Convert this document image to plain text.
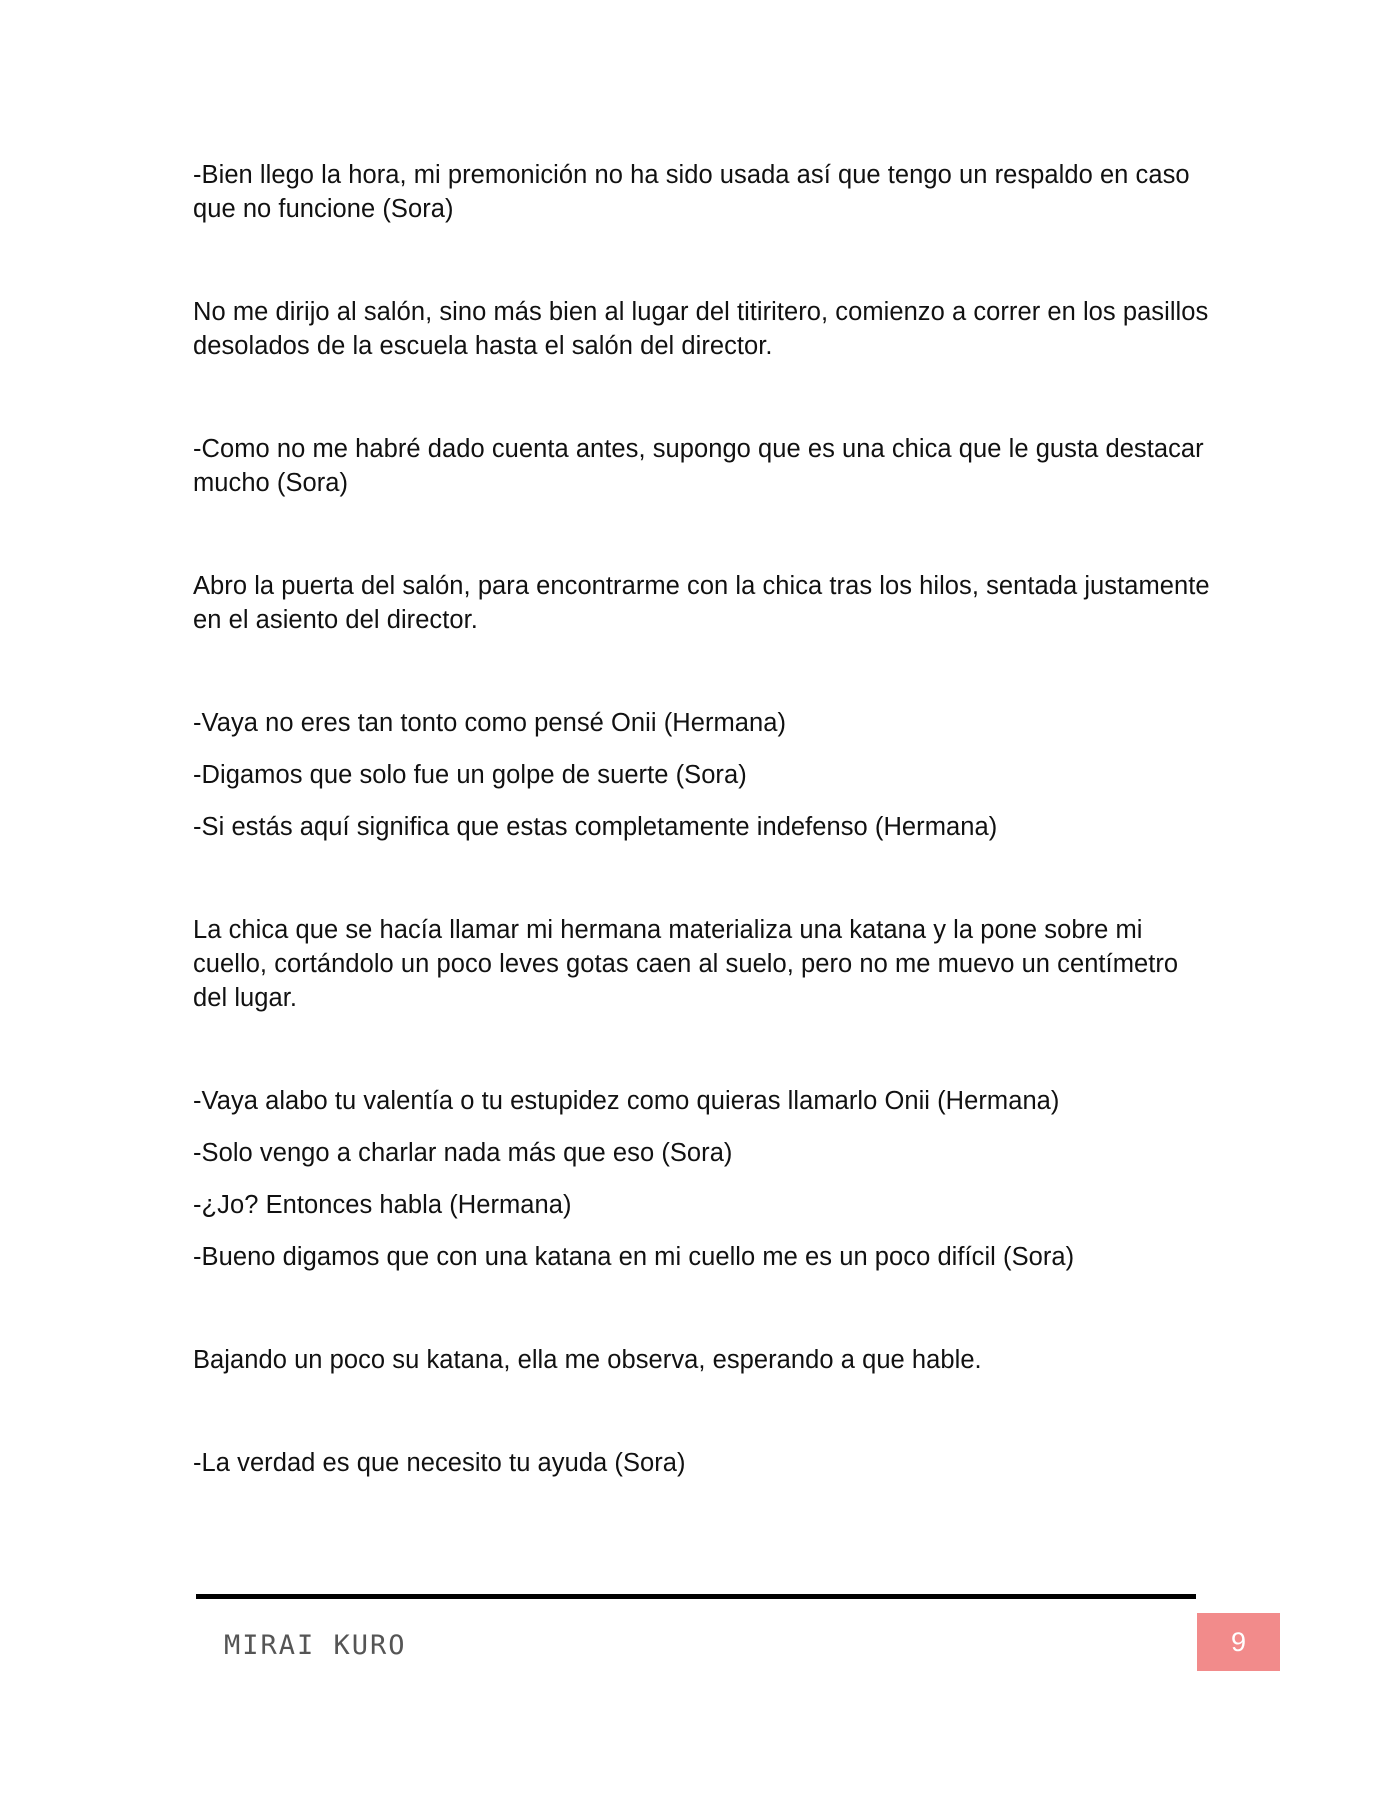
-Bien llego la hora, mi premonición no ha sido usada así que tengo un respaldo en caso que no funcione (Sora)

No me dirijo al salón, sino más bien al lugar del titiritero, comienzo a correr en los pasillos desolados de la escuela hasta el salón del director.

-Como no me habré dado cuenta antes, supongo que es una chica que le gusta destacar mucho (Sora)

Abro la puerta del salón, para encontrarme con la chica tras los hilos, sentada justamente en el asiento del director.

-Vaya no eres tan tonto como pensé Onii (Hermana)

-Digamos que solo fue un golpe de suerte (Sora)

-Si estás aquí significa que estas completamente indefenso (Hermana)

La chica que se hacía llamar mi hermana materializa una katana y la pone sobre mi cuello, cortándolo un poco leves gotas caen al suelo, pero no me muevo un centímetro del lugar.

-Vaya alabo tu valentía o tu estupidez como quieras llamarlo Onii (Hermana)

-Solo vengo a charlar nada más que eso (Sora)

-¿Jo? Entonces habla (Hermana)

-Bueno digamos que con una katana en mi cuello me es un poco difícil (Sora)

Bajando un poco su katana, ella me observa, esperando a que hable.

-La verdad es que necesito tu ayuda (Sora)

MIRAI KURO	9
